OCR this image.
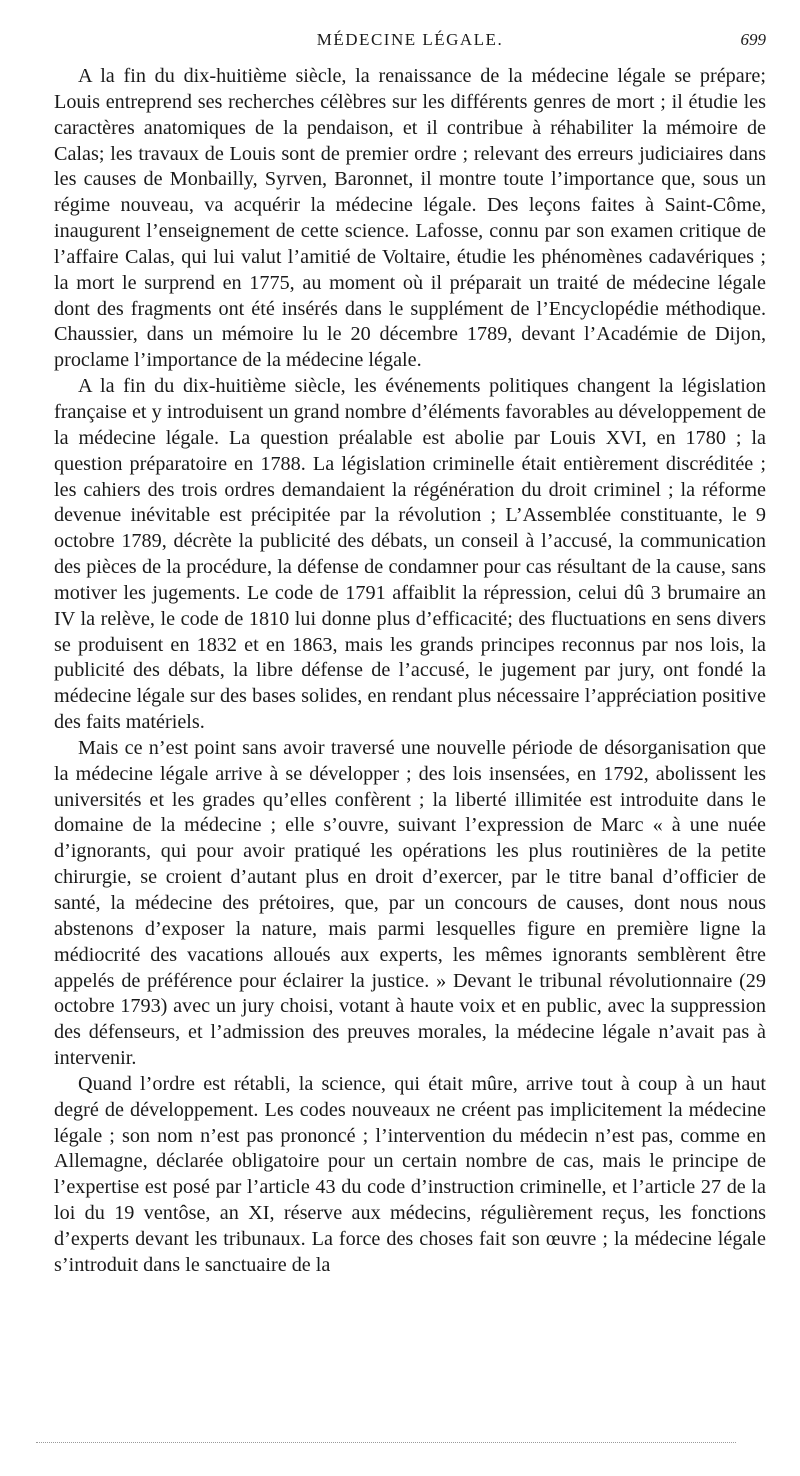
MÉDECINE LÉGALE.	699

A la fin du dix-huitième siècle, la renaissance de la médecine légale se prépare; Louis entreprend ses recherches célèbres sur les différents genres de mort ; il étudie les caractères anatomiques de la pendaison, et il contribue à réhabiliter la mémoire de Calas; les travaux de Louis sont de premier ordre ; relevant des erreurs judiciaires dans les causes de Monbailly, Syrven, Baronnet, il montre toute l’importance que, sous un régime nouveau, va acquérir la médecine légale. Des leçons faites à Saint-Côme, inaugurent l’enseignement de cette science. Lafosse, connu par son examen critique de l’affaire Calas, qui lui valut l’amitié de Voltaire, étudie les phénomènes cadavériques ; la mort le surprend en 1775, au moment où il préparait un traité de médecine légale dont des fragments ont été insérés dans le supplément de l’Encyclopédie méthodique. Chaussier, dans un mémoire lu le 20 décembre 1789, devant l’Académie de Dijon, proclame l’importance de la médecine légale.

A la fin du dix-huitième siècle, les événements politiques changent la législation française et y introduisent un grand nombre d’éléments favorables au développement de la médecine légale. La question préalable est abolie par Louis XVI, en 1780 ; la question préparatoire en 1788. La législation criminelle était entièrement discréditée ; les cahiers des trois ordres demandaient la régénération du droit criminel ; la réforme devenue inévitable est précipitée par la révolution ; L’Assemblée constituante, le 9 octobre 1789, décrète la publicité des débats, un conseil à l’accusé, la communication des pièces de la procédure, la défense de condamner pour cas résultant de la cause, sans motiver les jugements. Le code de 1791 affaiblit la répression, celui dû 3 brumaire an IV la relève, le code de 1810 lui donne plus d’efficacité; des fluctuations en sens divers se produisent en 1832 et en 1863, mais les grands principes reconnus par nos lois, la publicité des débats, la libre défense de l’accusé, le jugement par jury, ont fondé la médecine légale sur des bases solides, en rendant plus nécessaire l’appréciation positive des faits matériels.

Mais ce n’est point sans avoir traversé une nouvelle période de désorganisation que la médecine légale arrive à se développer ; des lois insensées, en 1792, abolissent les universités et les grades qu’elles confèrent ; la liberté illimitée est introduite dans le domaine de la médecine ; elle s’ouvre, suivant l’expression de Marc « à une nuée d’ignorants, qui pour avoir pratiqué les opérations les plus routinières de la petite chirurgie, se croient d’autant plus en droit d’exercer, par le titre banal d’officier de santé, la médecine des prétoires, que, par un concours de causes, dont nous nous abstenons d’exposer la nature, mais parmi lesquelles figure en première ligne la médiocrité des vacations alloués aux experts, les mêmes ignorants semblèrent être appelés de préférence pour éclairer la justice. » Devant le tribunal révolutionnaire (29 octobre 1793) avec un jury choisi, votant à haute voix et en public, avec la suppression des défenseurs, et l’admission des preuves morales, la médecine légale n’avait pas à intervenir.

Quand l’ordre est rétabli, la science, qui était mûre, arrive tout à coup à un haut degré de développement. Les codes nouveaux ne créent pas implicitement la médecine légale ; son nom n’est pas prononcé ; l’intervention du médecin n’est pas, comme en Allemagne, déclarée obligatoire pour un certain nombre de cas, mais le principe de l’expertise est posé par l’article 43 du code d’instruction criminelle, et l’article 27 de la loi du 19 ventôse, an XI, réserve aux médecins, régulièrement reçus, les fonctions d’experts devant les tribunaux. La force des choses fait son œuvre ; la médecine légale s’introduit dans le sanctuaire de la
